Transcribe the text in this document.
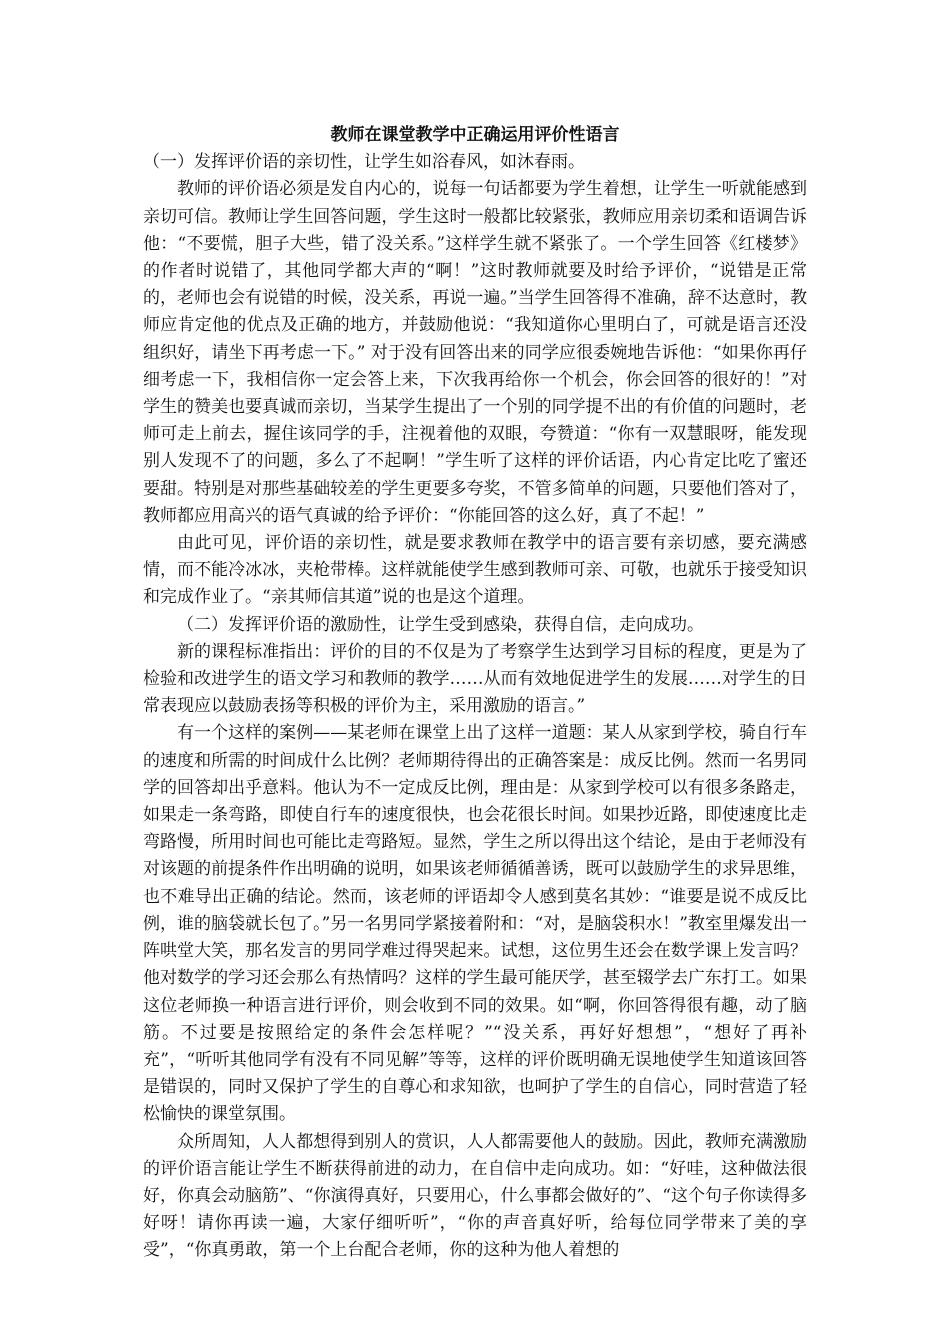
教师在课堂教学中正确运用评价性语言

（一）发挥评价语的亲切性，让学生如浴春风，如沐春雨。

教师的评价语必须是发自内心的，说每一句话都要为学生着想，让学生一听就能感到亲切可信。教师让学生回答问题，学生这时一般都比较紧张，教师应用亲切柔和语调告诉他：“不要慌，胆子大些，错了没关系。”这样学生就不紧张了。一个学生回答《红楼梦》的作者时说错了，其他同学都大声的“啊！”这时教师就要及时给予评价，“说错是正常的，老师也会有说错的时候，没关系，再说一遍。”当学生回答得不准确，辞不达意时，教师应肯定他的优点及正确的地方，并鼓励他说：“我知道你心里明白了，可就是语言还没组织好，请坐下再考虑一下。” 对于没有回答出来的同学应很委婉地告诉他：“如果你再仔细考虑一下，我相信你一定会答上来，下次我再给你一个机会，你会回答的很好的！”对学生的赞美也要真诚而亲切，当某学生提出了一个别的同学提不出的有价值的问题时，老师可走上前去，握住该同学的手，注视着他的双眼，夸赞道：“你有一双慧眼呀，能发现别人发现不了的问题，多么了不起啊！”学生听了这样的评价话语，内心肯定比吃了蜜还要甜。特别是对那些基础较差的学生更要多夸奖，不管多简单的问题，只要他们答对了，教师都应用高兴的语气真诚的给予评价：“你能回答的这么好，真了不起！”

由此可见，评价语的亲切性，就是要求教师在教学中的语言要有亲切感，要充满感情，而不能冷冰冰，夹枪带棒。这样就能使学生感到教师可亲、可敬，也就乐于接受知识和完成作业了。“亲其师信其道”说的也是这个道理。

（二）发挥评价语的激励性，让学生受到感染，获得自信，走向成功。

新的课程标准指出：评价的目的不仅是为了考察学生达到学习目标的程度，更是为了检验和改进学生的语文学习和教师的教学……从而有效地促进学生的发展……对学生的日常表现应以鼓励表扬等积极的评价为主，采用激励的语言。”

有一个这样的案例——某老师在课堂上出了这样一道题：某人从家到学校，骑自行车的速度和所需的时间成什么比例？老师期待得出的正确答案是：成反比例。然而一名男同学的回答却出乎意料。他认为不一定成反比例，理由是：从家到学校可以有很多条路走，如果走一条弯路，即使自行车的速度很快，也会花很长时间。如果抄近路，即使速度比走弯路慢，所用时间也可能比走弯路短。显然，学生之所以得出这个结论，是由于老师没有对该题的前提条件作出明确的说明，如果该老师循循善诱，既可以鼓励学生的求异思维，也不难导出正确的结论。然而，该老师的评语却令人感到莫名其妙：“谁要是说不成反比例，谁的脑袋就长包了。”另一名男同学紧接着附和：“对，是脑袋积水！”教室里爆发出一阵哄堂大笑，那名发言的男同学难过得哭起来。试想，这位男生还会在数学课上发言吗？他对数学的学习还会那么有热情吗？这样的学生最可能厌学，甚至辍学去广东打工。如果这位老师换一种语言进行评价，则会收到不同的效果。如“啊，你回答得很有趣，动了脑筋。不过要是按照给定的条件会怎样呢？”“没关系，再好好想想”，“想好了再补充”，“听听其他同学有没有不同见解”等等，这样的评价既明确无误地使学生知道该回答是错误的，同时又保护了学生的自尊心和求知欲，也呵护了学生的自信心，同时营造了轻松愉快的课堂氛围。

众所周知，人人都想得到别人的赏识，人人都需要他人的鼓励。因此，教师充满激励的评价语言能让学生不断获得前进的动力，在自信中走向成功。如：“好哇，这种做法很好，你真会动脑筋”、“你演得真好，只要用心，什么事都会做好的”、“这个句子你读得多好呀！请你再读一遍，大家仔细听听”，“你的声音真好听，给每位同学带来了美的享受”，“你真勇敢，第一个上台配合老师，你的这种为他人着想的
